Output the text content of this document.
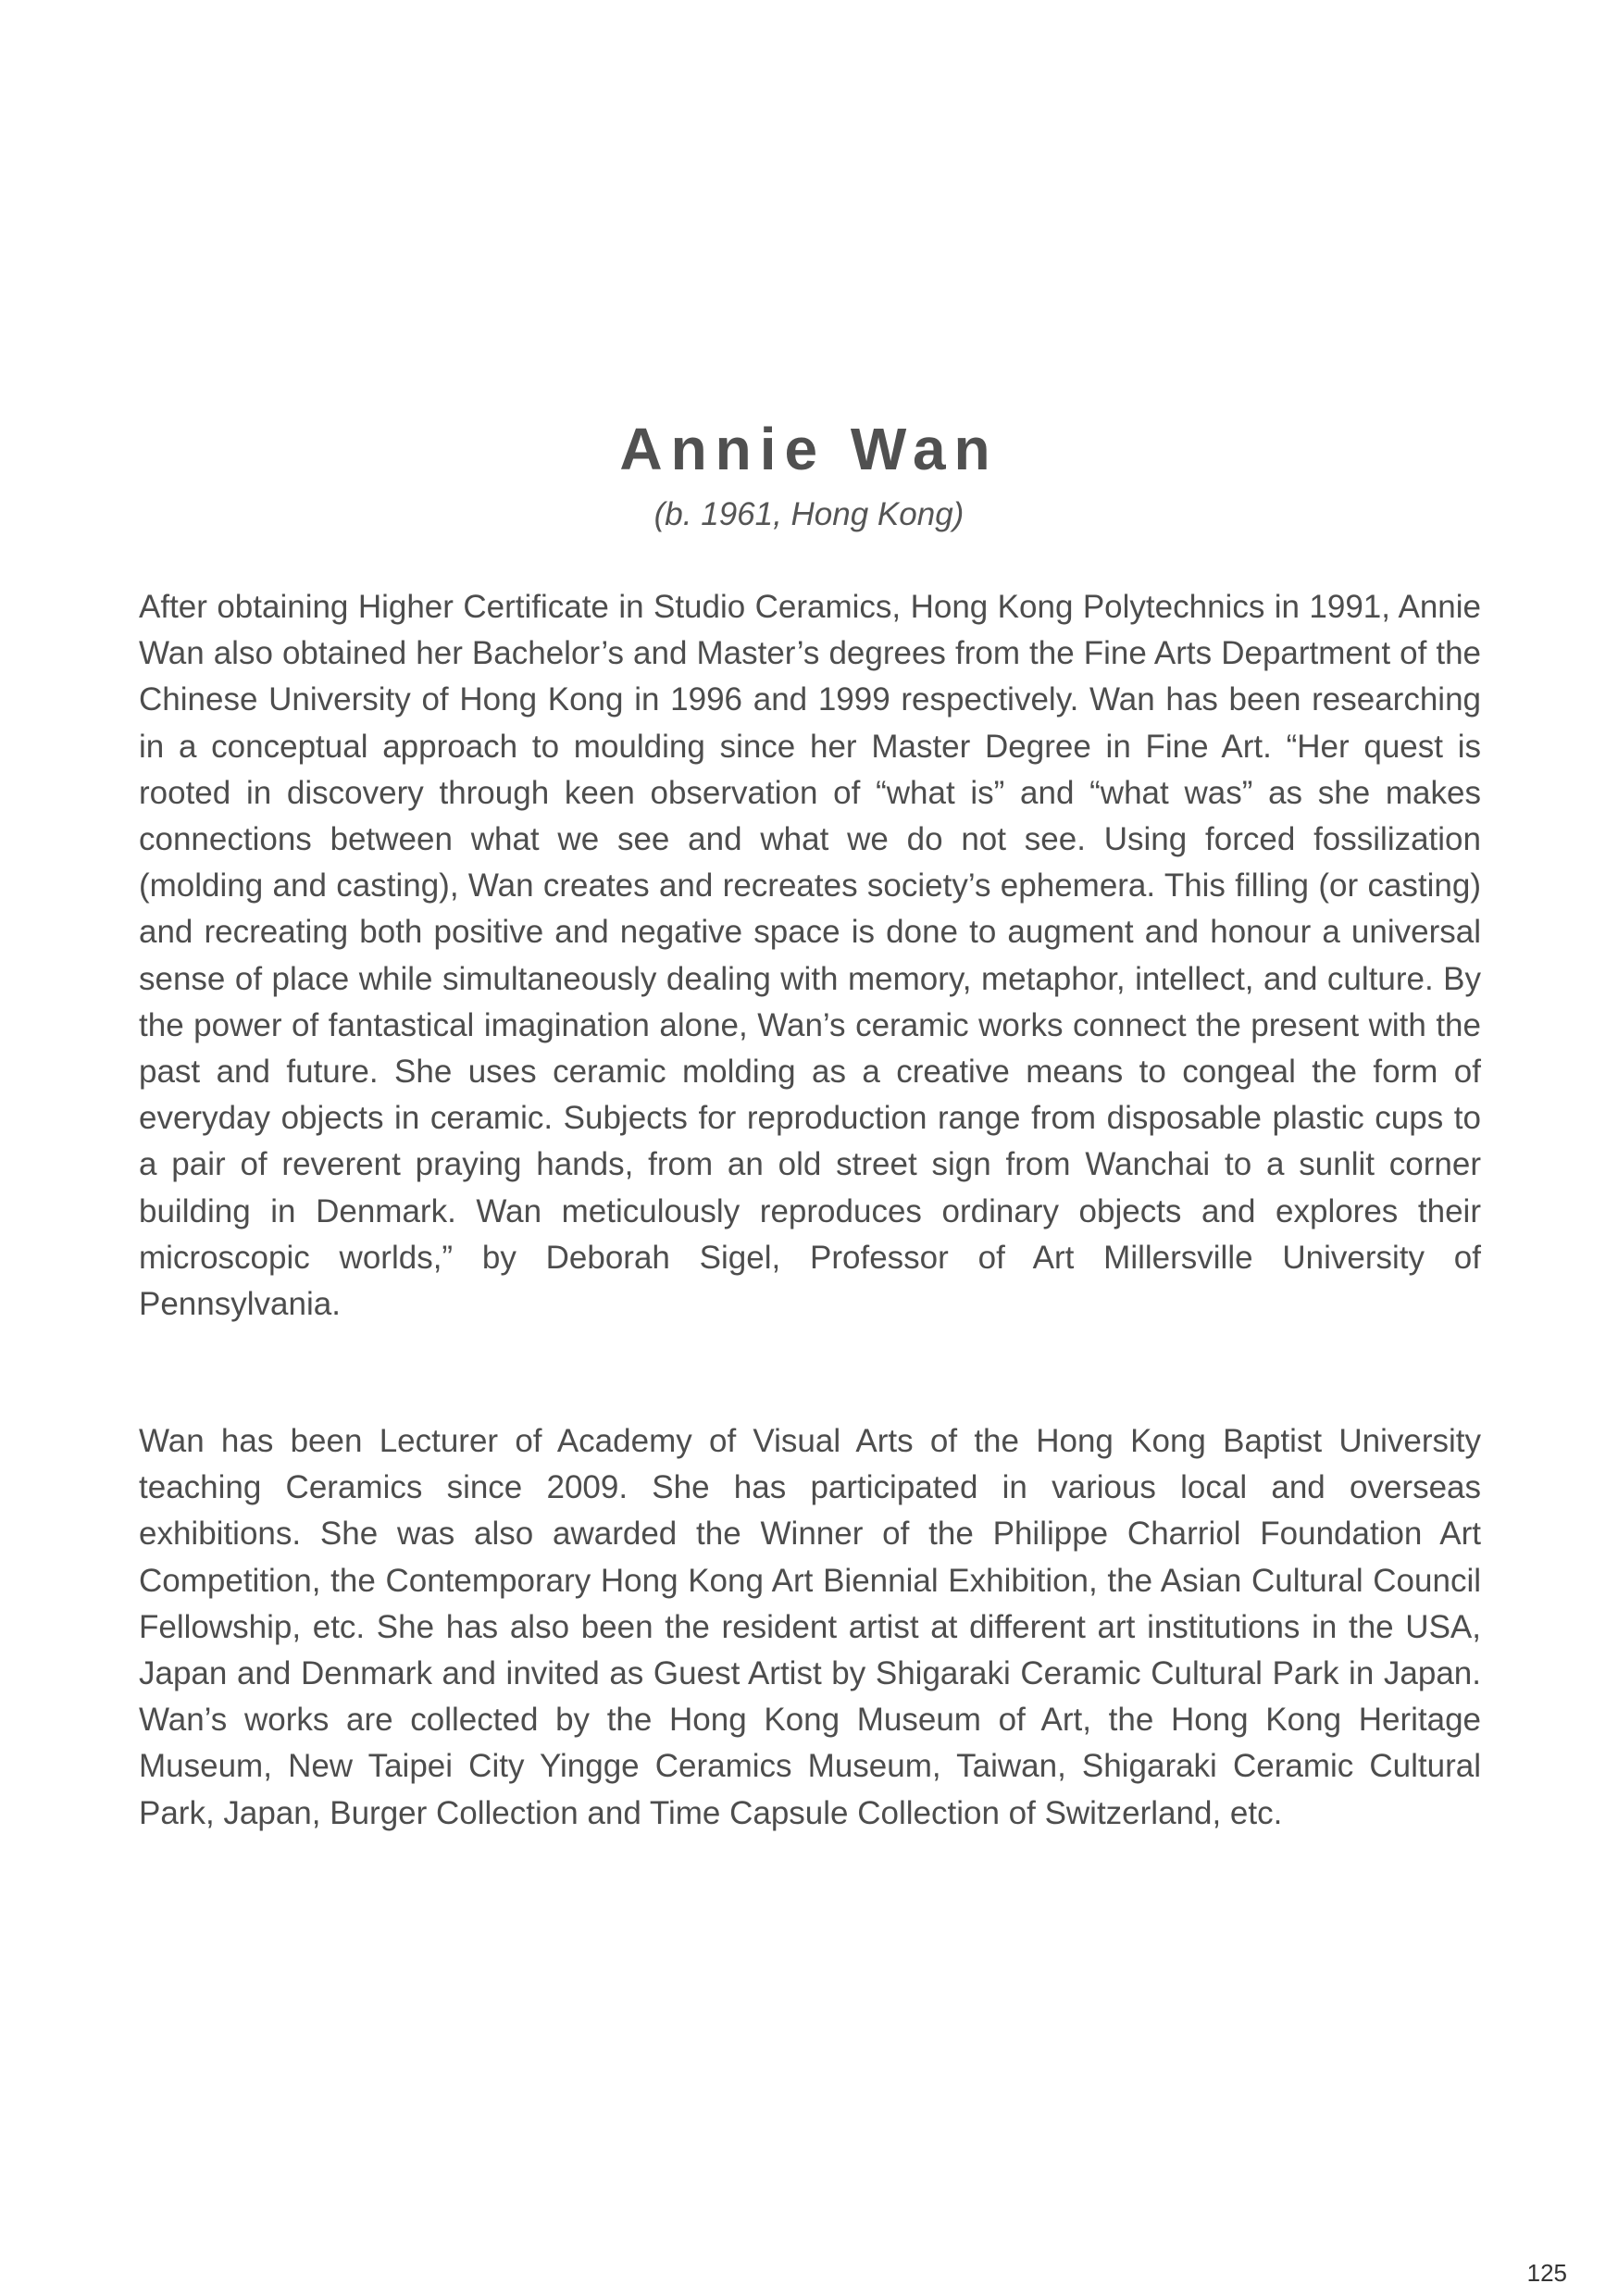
Annie Wan
(b. 1961, Hong Kong)

After obtaining Higher Certificate in Studio Ceramics, Hong Kong Polytechnics in 1991, Annie Wan also obtained her Bachelor’s and Master’s degrees from the Fine Arts Department of the Chinese University of Hong Kong in 1996 and 1999 respectively. Wan has been researching in a conceptual approach to moulding since her Master Degree in Fine Art. “Her quest is rooted in discovery through keen observation of “what is” and “what was” as she makes connections between what we see and what we do not see. Using forced fossilization (molding and casting), Wan creates and recreates society’s ephemera. This filling (or casting) and recreating both positive and negative space is done to augment and honour a universal sense of place while simultaneously dealing with memory, metaphor, intellect, and culture. By the power of fantastical imagination alone, Wan’s ceramic works connect the present with the past and future. She uses ceramic molding as a creative means to congeal the form of everyday objects in ceramic. Subjects for reproduction range from disposable plastic cups to a pair of reverent praying hands, from an old street sign from Wanchai to a sunlit corner building in Denmark. Wan meticulously reproduces ordinary objects and explores their microscopic worlds,” by Deborah Sigel, Professor of Art Millersville University of Pennsylvania.

Wan has been Lecturer of Academy of Visual Arts of the Hong Kong Baptist University teaching Ceramics since 2009. She has participated in various local and overseas exhibitions. She was also awarded the Winner of the Philippe Charriol Foundation Art Competition, the Contemporary Hong Kong Art Biennial Exhibition, the Asian Cultural Council Fellowship, etc. She has also been the resident artist at different art institutions in the USA, Japan and Denmark and invited as Guest Artist by Shigaraki Ceramic Cultural Park in Japan. Wan’s works are collected by the Hong Kong Museum of Art, the Hong Kong Heritage Museum, New Taipei City Yingge Ceramics Museum, Taiwan, Shigaraki Ceramic Cultural Park, Japan, Burger Collection and Time Capsule Collection of Switzerland, etc.

125
